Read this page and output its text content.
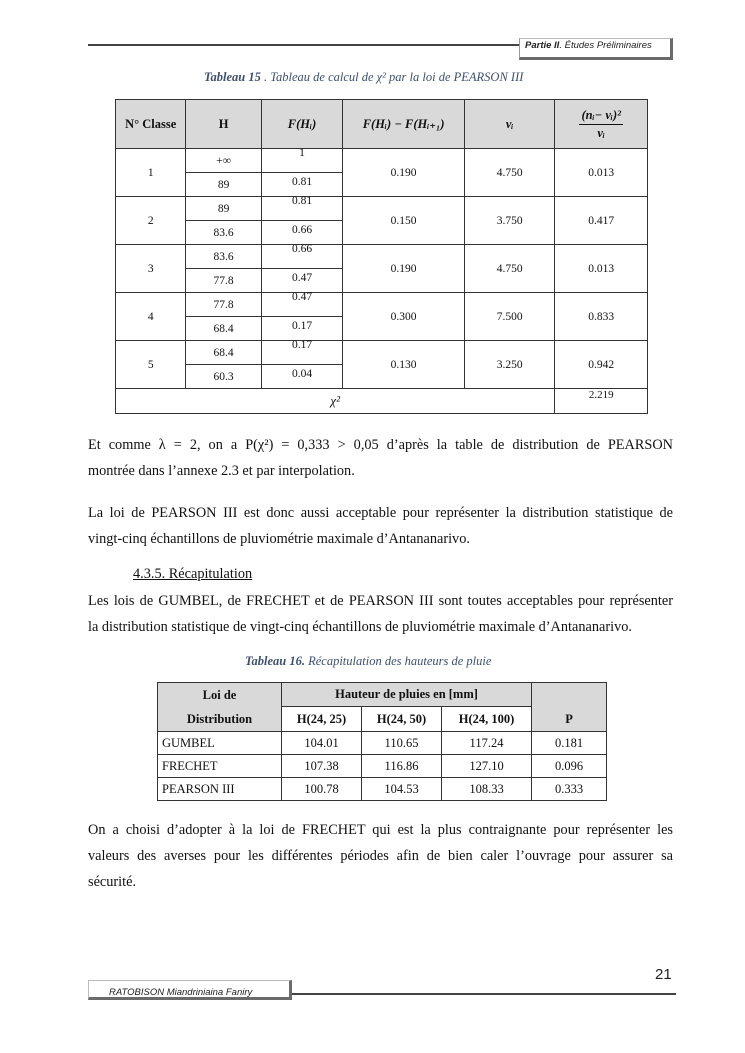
Partie II. Études Préliminaires
Tableau 15 . Tableau de calcul de χ² par la loi de PEARSON III
N° Classe	H	F(Hᵢ)	F(Hᵢ) − F(Hᵢ₊₁)	νᵢ	$\frac{\text{(nᵢ− νᵢ)²}}{\text{νᵢ}}$

1	+∞	1	0.190	4.750	0.013
	89	0.81			
2	89	0.81	0.150	3.750	0.417
	83.6	0.66			
3	83.6	0.66	0.190	4.750	0.013
	77.8	0.47			
4	77.8	0.47	0.300	7.500	0.833
	68.4	0.17			
5	68.4	0.17	0.130	3.250	0.942
	60.3	0.04			
χ²					2.219
Et comme λ = 2, on a P(χ²) = 0,333 > 0,05 d’après la table de distribution de PEARSON
montrée dans l’annexe 2.3 et par interpolation.
La loi de PEARSON III est donc aussi acceptable pour représenter la distribution statistique de
vingt-cinq échantillons de pluviométrie maximale d’Antananarivo.
4.3.5. Récapitulation
Les lois de GUMBEL, de FRECHET et de PEARSON III sont toutes acceptables pour représenter
la distribution statistique de vingt-cinq échantillons de pluviométrie maximale d’Antananarivo.
Tableau 16. Récapitulation des hauteurs de pluie
Loi de
Distribution	Hauteur de pluies en [mm]			P
	H(24, 25)	H(24, 50)	H(24, 100)	
GUMBEL	104.01	110.65	117.24	0.181
FRECHET	107.38	116.86	127.10	0.096
PEARSON III	100.78	104.53	108.33	0.333
On a choisi d’adopter à la loi de FRECHET qui est la plus contraignante pour représenter les
valeurs des averses pour les différentes périodes afin de bien caler l’ouvrage pour assurer sa
sécurité.
21
RATOBISON Miandriniaina Faniry
